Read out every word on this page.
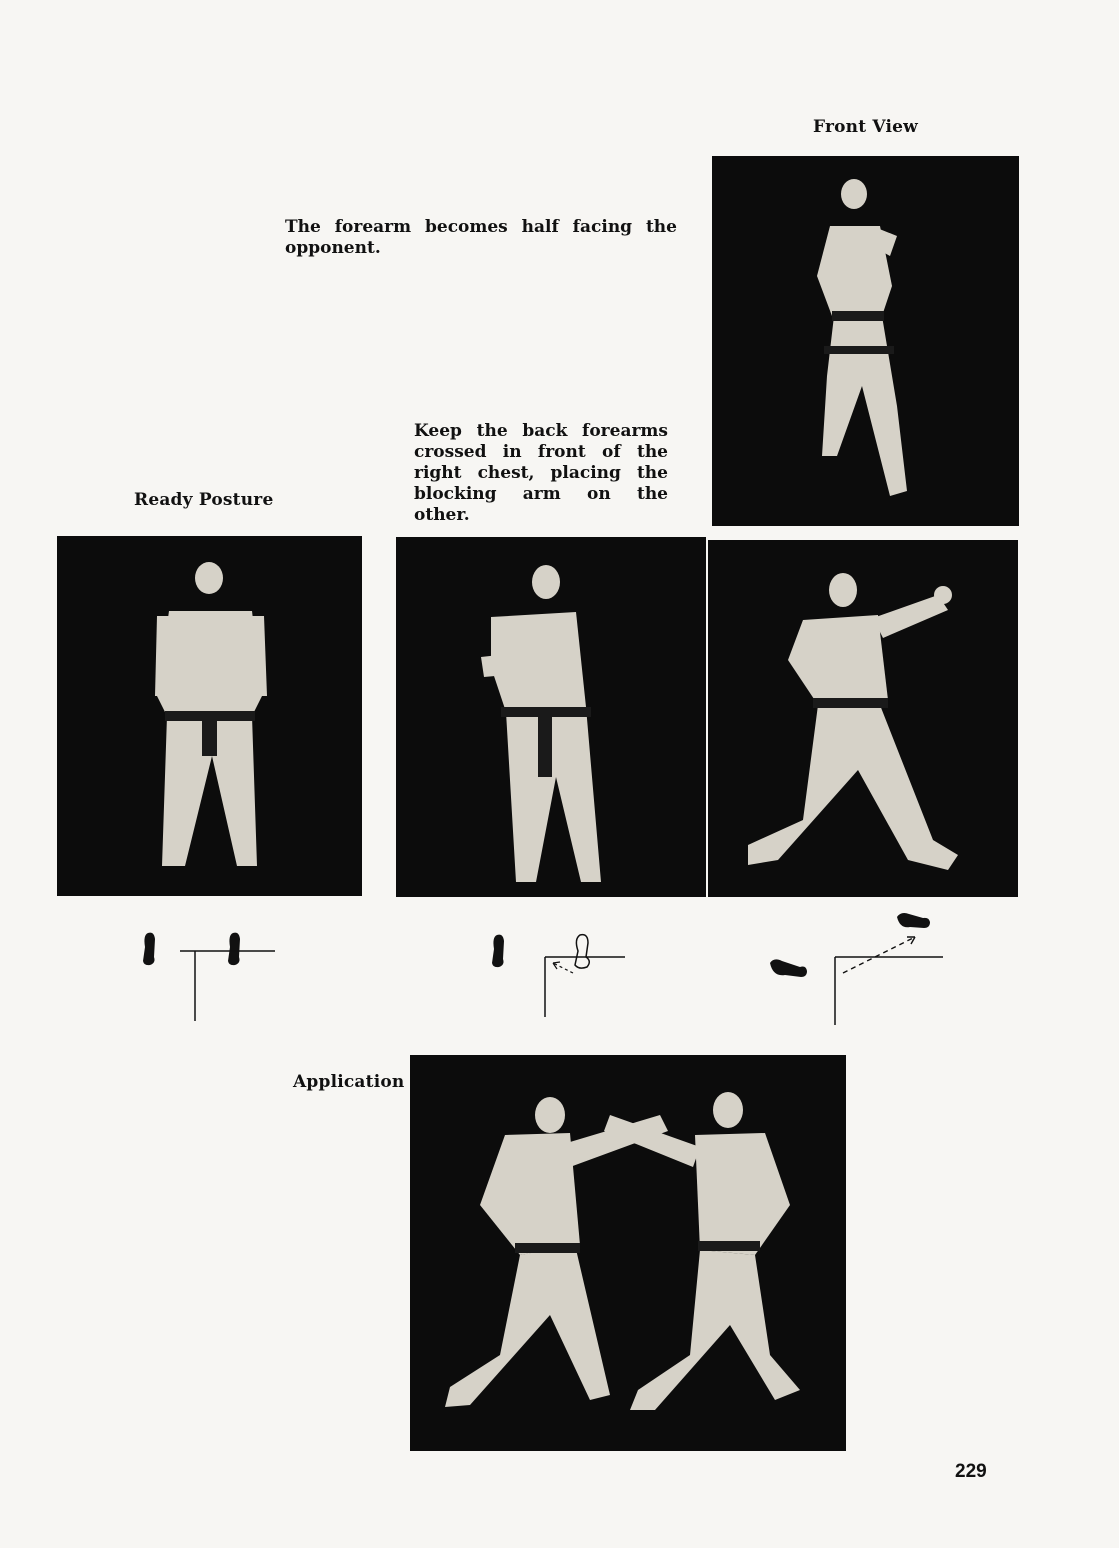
Front View
Ready Posture
Application
The forearm becomes half facing the opponent.
Keep the back forearms crossed in front of the right chest, placing the blocking arm on the other.
229
